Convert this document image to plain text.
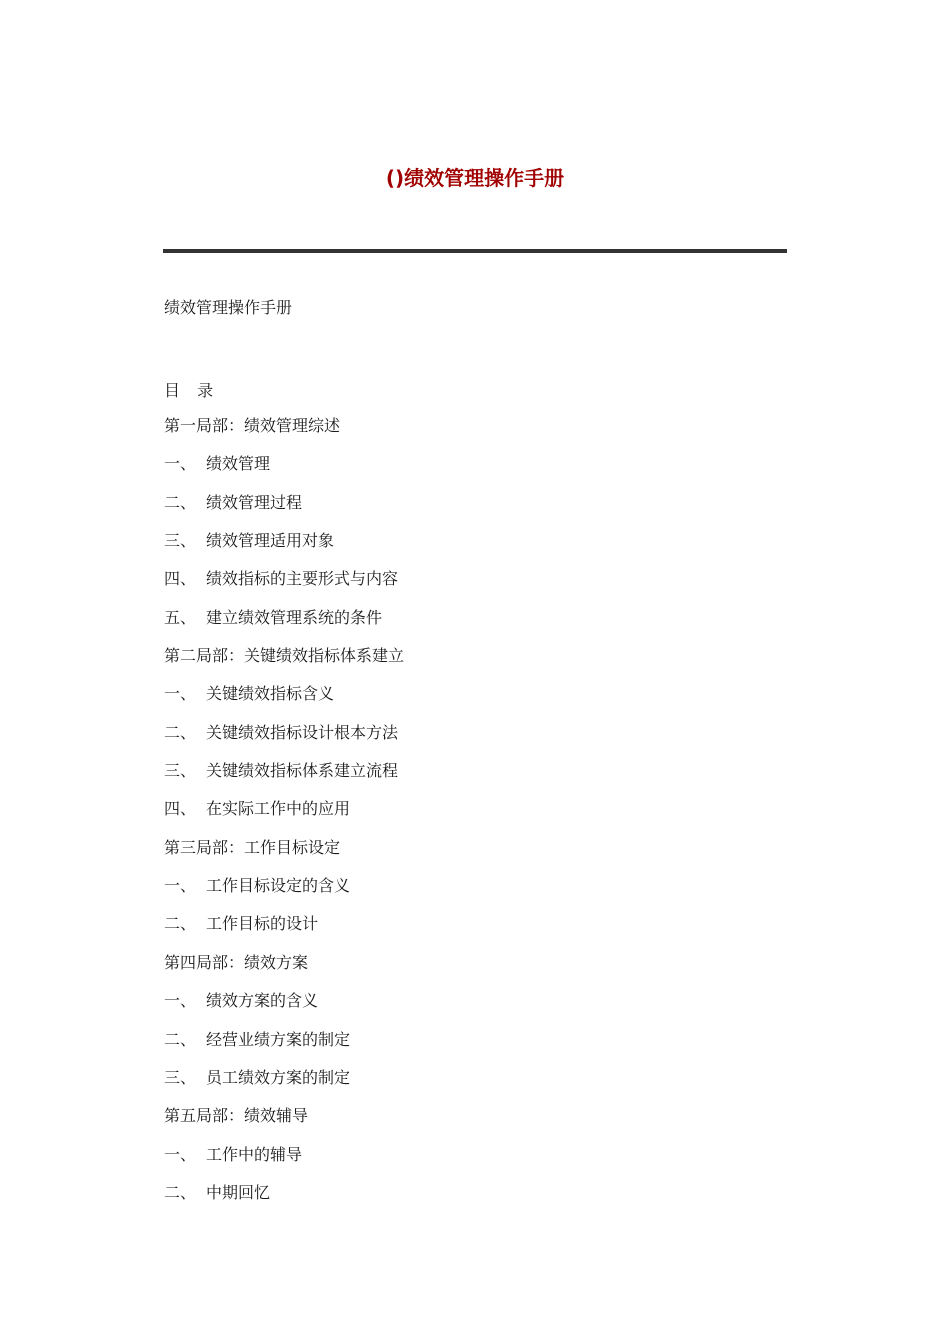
()绩效管理操作手册
绩效管理操作手册
目 录
第一局部：绩效管理综述
一、 绩效管理
二、 绩效管理过程
三、 绩效管理适用对象
四、 绩效指标的主要形式与内容
五、 建立绩效管理系统的条件
第二局部：关键绩效指标体系建立
一、 关键绩效指标含义
二、 关键绩效指标设计根本方法
三、 关键绩效指标体系建立流程
四、 在实际工作中的应用
第三局部：工作目标设定
一、 工作目标设定的含义
二、 工作目标的设计
第四局部：绩效方案
一、 绩效方案的含义
二、 经营业绩方案的制定
三、 员工绩效方案的制定
第五局部：绩效辅导
一、 工作中的辅导
二、 中期回忆
